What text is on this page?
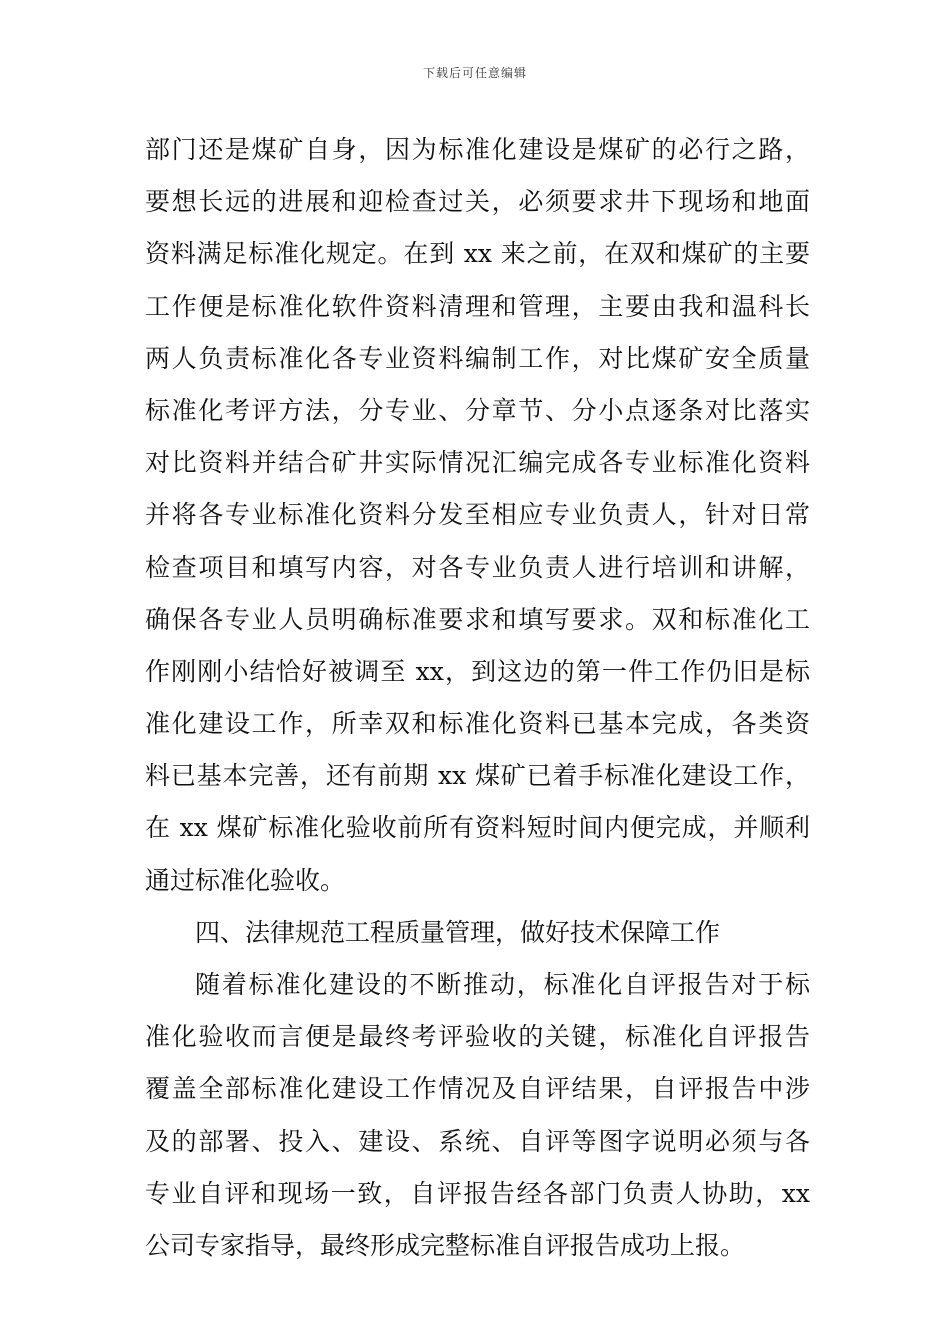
下载后可任意编辑
部门还是煤矿自身，因为标准化建设是煤矿的必行之路，
要想长远的进展和迎检查过关，必须要求井下现场和地面
资料满足标准化规定。在到 xx 来之前，在双和煤矿的主要
工作便是标准化软件资料清理和管理，主要由我和温科长
两人负责标准化各专业资料编制工作，对比煤矿安全质量
标准化考评方法，分专业、分章节、分小点逐条对比落实
对比资料并结合矿井实际情况汇编完成各专业标准化资料
并将各专业标准化资料分发至相应专业负责人，针对日常
检查项目和填写内容，对各专业负责人进行培训和讲解，
确保各专业人员明确标准要求和填写要求。双和标准化工
作刚刚小结恰好被调至 xx，到这边的第一件工作仍旧是标
准化建设工作，所幸双和标准化资料已基本完成，各类资
料已基本完善，还有前期 xx 煤矿已着手标准化建设工作，
在 xx 煤矿标准化验收前所有资料短时间内便完成，并顺利
通过标准化验收。
四、法律规范工程质量管理，做好技术保障工作
随着标准化建设的不断推动，标准化自评报告对于标
准化验收而言便是最终考评验收的关键，标准化自评报告
覆盖全部标准化建设工作情况及自评结果，自评报告中涉
及的部署、投入、建设、系统、自评等图字说明必须与各
专业自评和现场一致，自评报告经各部门负责人协助，xx
公司专家指导，最终形成完整标准自评报告成功上报。
